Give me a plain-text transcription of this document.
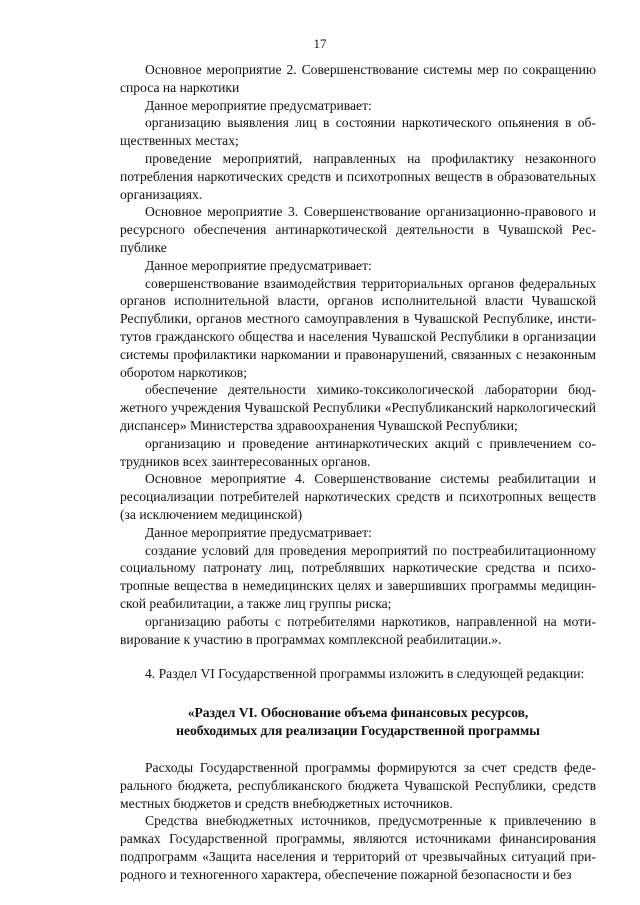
17

Основное мероприятие 2. Совершенствование системы мер по сокращению спроса на наркотики

Данное мероприятие предусматривает:

организацию выявления лиц в состоянии наркотического опьянения в общественных местах;

проведение мероприятий, направленных на профилактику незаконного потребления наркотических средств и психотропных веществ в образовательных организациях.

Основное мероприятие 3. Совершенствование организационно-правового и ресурсного обеспечения антинаркотической деятельности в Чувашской Республике

Данное мероприятие предусматривает:

совершенствование взаимодействия территориальных органов федеральных органов исполнительной власти, органов исполнительной власти Чувашской Республики, органов местного самоуправления в Чувашской Республике, институтов гражданского общества и населения Чувашской Республики в организации системы профилактики наркомании и правонарушений, связанных с незаконным оборотом наркотиков;

обеспечение деятельности химико-токсикологической лаборатории бюджетного учреждения Чувашской Республики «Республиканский наркологический диспансер» Министерства здравоохранения Чувашской Республики;

организацию и проведение антинаркотических акций с привлечением сотрудников всех заинтересованных органов.

Основное мероприятие 4. Совершенствование системы реабилитации и ресоциализации потребителей наркотических средств и психотропных веществ (за исключением медицинской)

Данное мероприятие предусматривает:

создание условий для проведения мероприятий по постреабилитационному социальному патронату лиц, потреблявших наркотические средства и психотропные вещества в немедицинских целях и завершивших программы медицинской реабилитации, а также лиц группы риска;

организацию работы с потребителями наркотиков, направленной на мотивирование к участию в программах комплексной реабилитации.».

4. Раздел VI Государственной программы изложить в следующей редакции:

«Раздел VI. Обоснование объема финансовых ресурсов,
необходимых для реализации Государственной программы

Расходы Государственной программы формируются за счет средств федерального бюджета, республиканского бюджета Чувашской Республики, средств местных бюджетов и средств внебюджетных источников.

Средства внебюджетных источников, предусмотренные к привлечению в рамках Государственной программы, являются источниками финансирования подпрограмм «Защита населения и территорий от чрезвычайных ситуаций природного и техногенного характера, обеспечение пожарной безопасности и без
